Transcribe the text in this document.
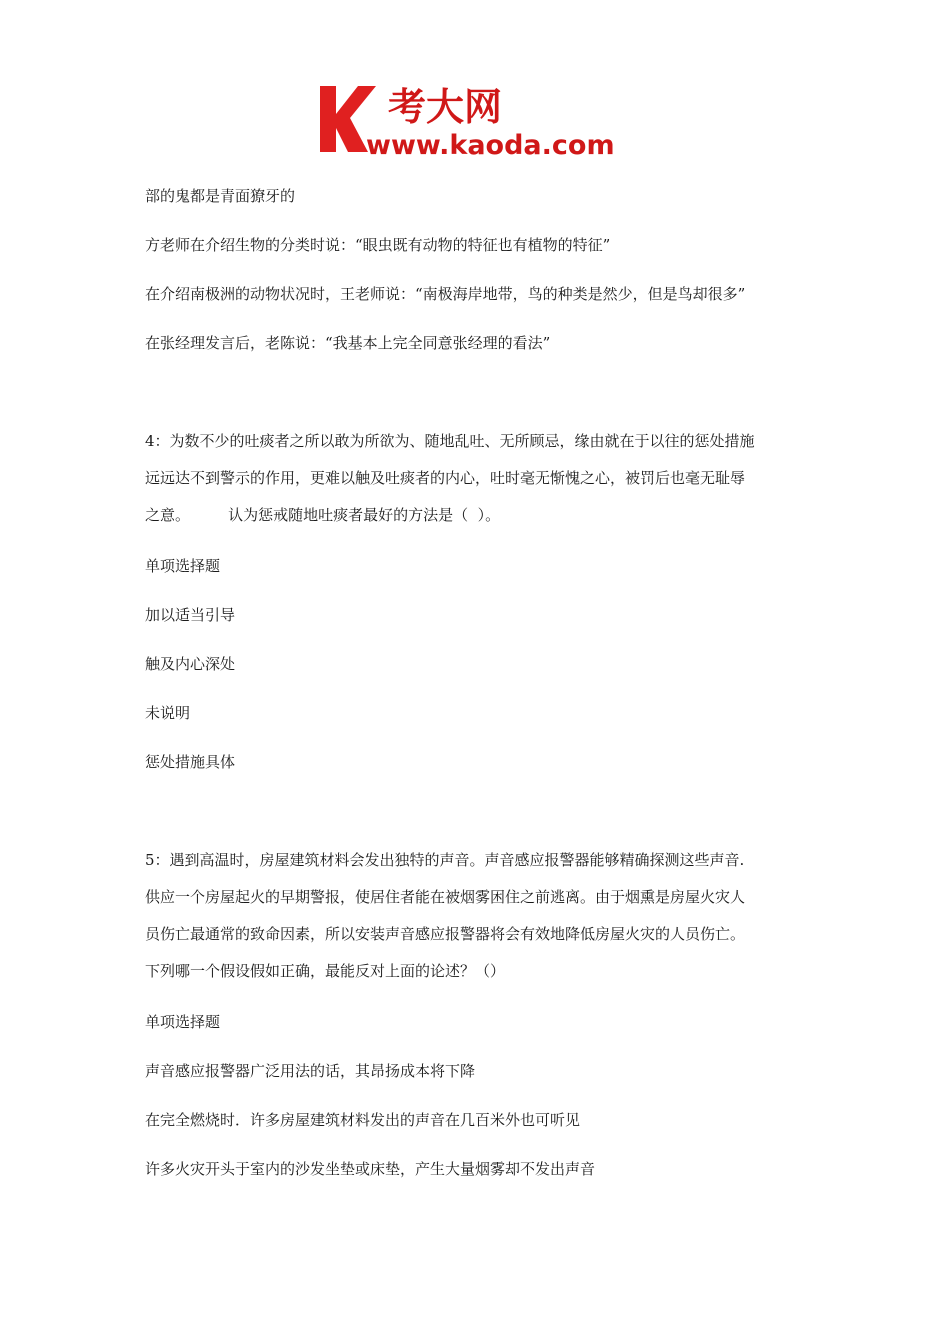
考大网
www.kaoda.com
部的鬼都是青面獠牙的
方老师在介绍生物的分类时说：“眼虫既有动物的特征也有植物的特征”
在介绍南极洲的动物状况时，王老师说：“南极海岸地带，鸟的种类是然少，但是鸟却很多”
在张经理发言后，老陈说：“我基本上完全同意张经理的看法”
4：为数不少的吐痰者之所以敢为所欲为、随地乱吐、无所顾忌，缘由就在于以往的惩处措施
远远达不到警示的作用，更难以触及吐痰者的内心，吐时毫无惭愧之心，被罚后也毫无耻辱
之意。        认为惩戒随地吐痰者最好的方法是（  ）。
单项选择题
加以适当引导
触及内心深处
未说明
惩处措施具体
5：遇到高温时，房屋建筑材料会发出独特的声音。声音感应报警器能够精确探测这些声音.
供应一个房屋起火的早期警报，使居住者能在被烟雾困住之前逃离。由于烟熏是房屋火灾人
员伤亡最通常的致命因素，所以安装声音感应报警器将会有效地降低房屋火灾的人员伤亡。
下列哪一个假设假如正确，最能反对上面的论述？（）
单项选择题
声音感应报警器广泛用法的话，其昂扬成本将下降
在完全燃烧时．许多房屋建筑材料发出的声音在几百米外也可听见
许多火灾开头于室内的沙发坐垫或床垫，产生大量烟雾却不发出声音
